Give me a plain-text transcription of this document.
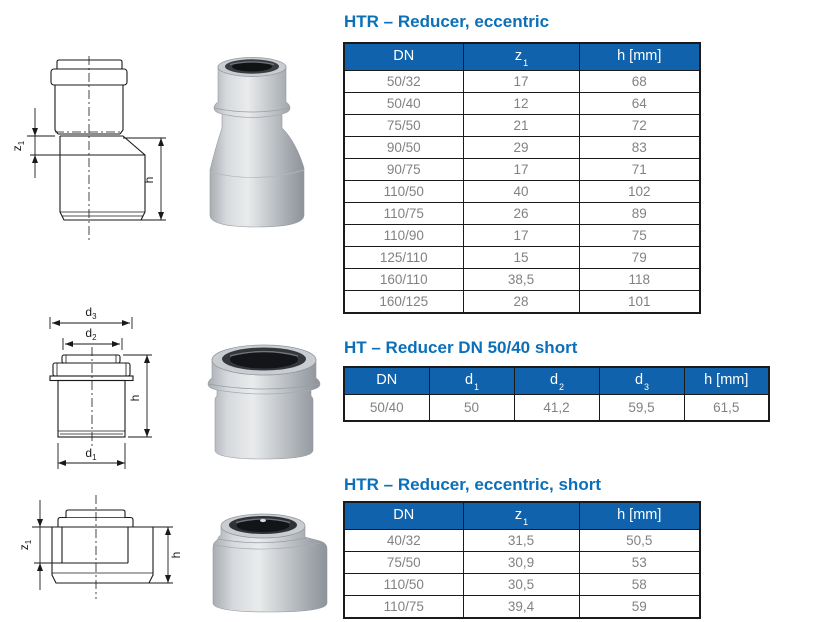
$z_1$
h
HTR – Reducer, eccentric
DN	$z_1$	h [mm]
50/32	17	68
50/40	12	64
75/50	21	72
90/50	29	83
90/75	17	71
110/50	40	102
110/75	26	89
110/90	17	75
125/110	15	79
160/110	38,5	118
160/125	28	101
$d_3$
$d_2$
h
$d_1$
HT – Reducer DN 50/40 short
DN	$d_1$	$d_2$	$d_3$	h [mm]
50/40	50	41,2	59,5	61,5
$z_1$
h
HTR – Reducer, eccentric, short
DN	$z_1$	h [mm]
40/32	31,5	50,5
75/50	30,9	53
110/50	30,5	58
110/75	39,4	59
